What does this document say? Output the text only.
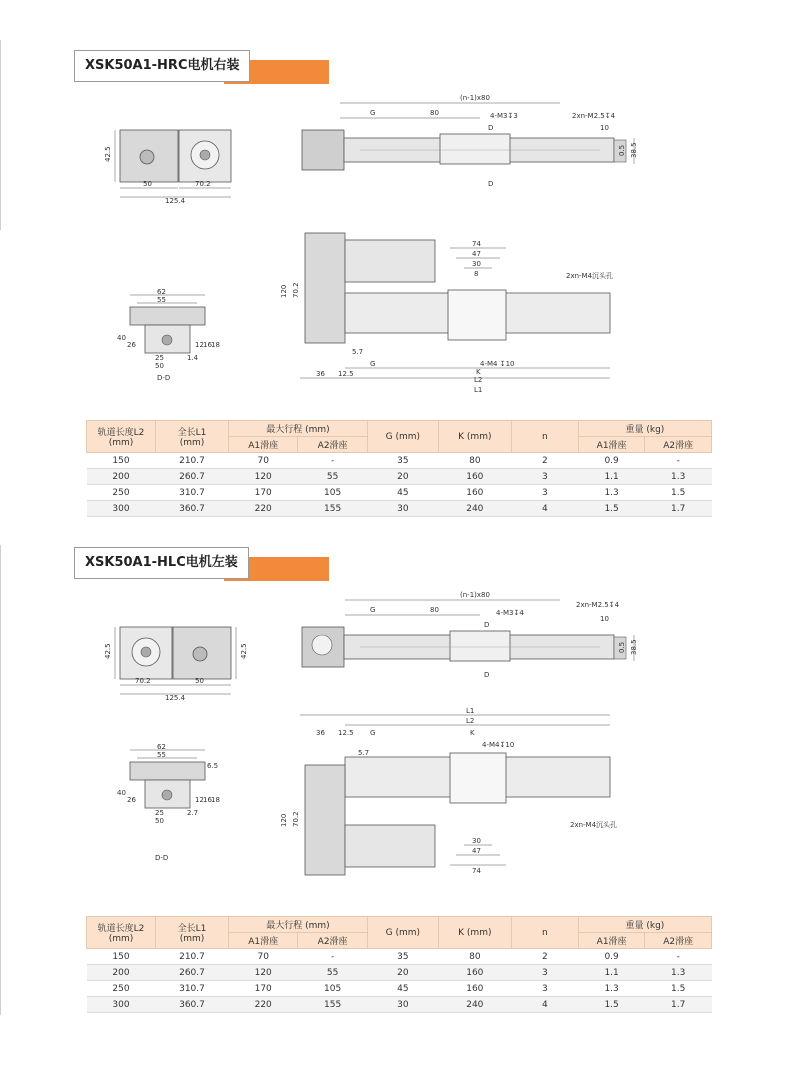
XSK50A1-HRC电机右装
42.5
50	70.2
125.4
(n-1)x80
G	80	4-M3↧3	2xn-M2.5↧4
10
D
D
0.5 38.5
62
55
40
26
25
50
12 16 18
1.4
D-D
74
47
30
8
120 70.2
2xn-M4沉头孔
5.7
4-M4 ↧10
G
K
36 12.5
L2
L1
轨道长度L2
(mm)	全长L1
(mm)	最大行程 (mm)		G (mm)	K (mm)	n	重量 (kg)	
		A1滑座	A2滑座				A1滑座	A2滑座
150	210.7	70	-	35	80	2	0.9	-
200	260.7	120	55	20	160	3	1.1	1.3
250	310.7	170	105	45	160	3	1.3	1.5
300	360.7	220	155	30	240	4	1.5	1.7
XSK50A1-HLC电机左装
42.5	42.5
70.2	50
125.4
(n-1)x80
G	80	4-M3↧4
2xn-M2.5↧4
10
D
D
0.5 38.5
62
55
6.5
40
26
25
50
2.7
12 16 18
D-D
L1
L2
36 12.5 G	K
5.7
4-M4↧10
120 70.2	2xn-M4沉头孔
30
47
74
轨道长度L2
(mm)	全长L1
(mm)	最大行程 (mm)		G (mm)	K (mm)	n	重量 (kg)	
		A1滑座	A2滑座				A1滑座	A2滑座
150	210.7	70	-	35	80	2	0.9	-
200	260.7	120	55	20	160	3	1.1	1.3
250	310.7	170	105	45	160	3	1.3	1.5
300	360.7	220	155	30	240	4	1.5	1.7
